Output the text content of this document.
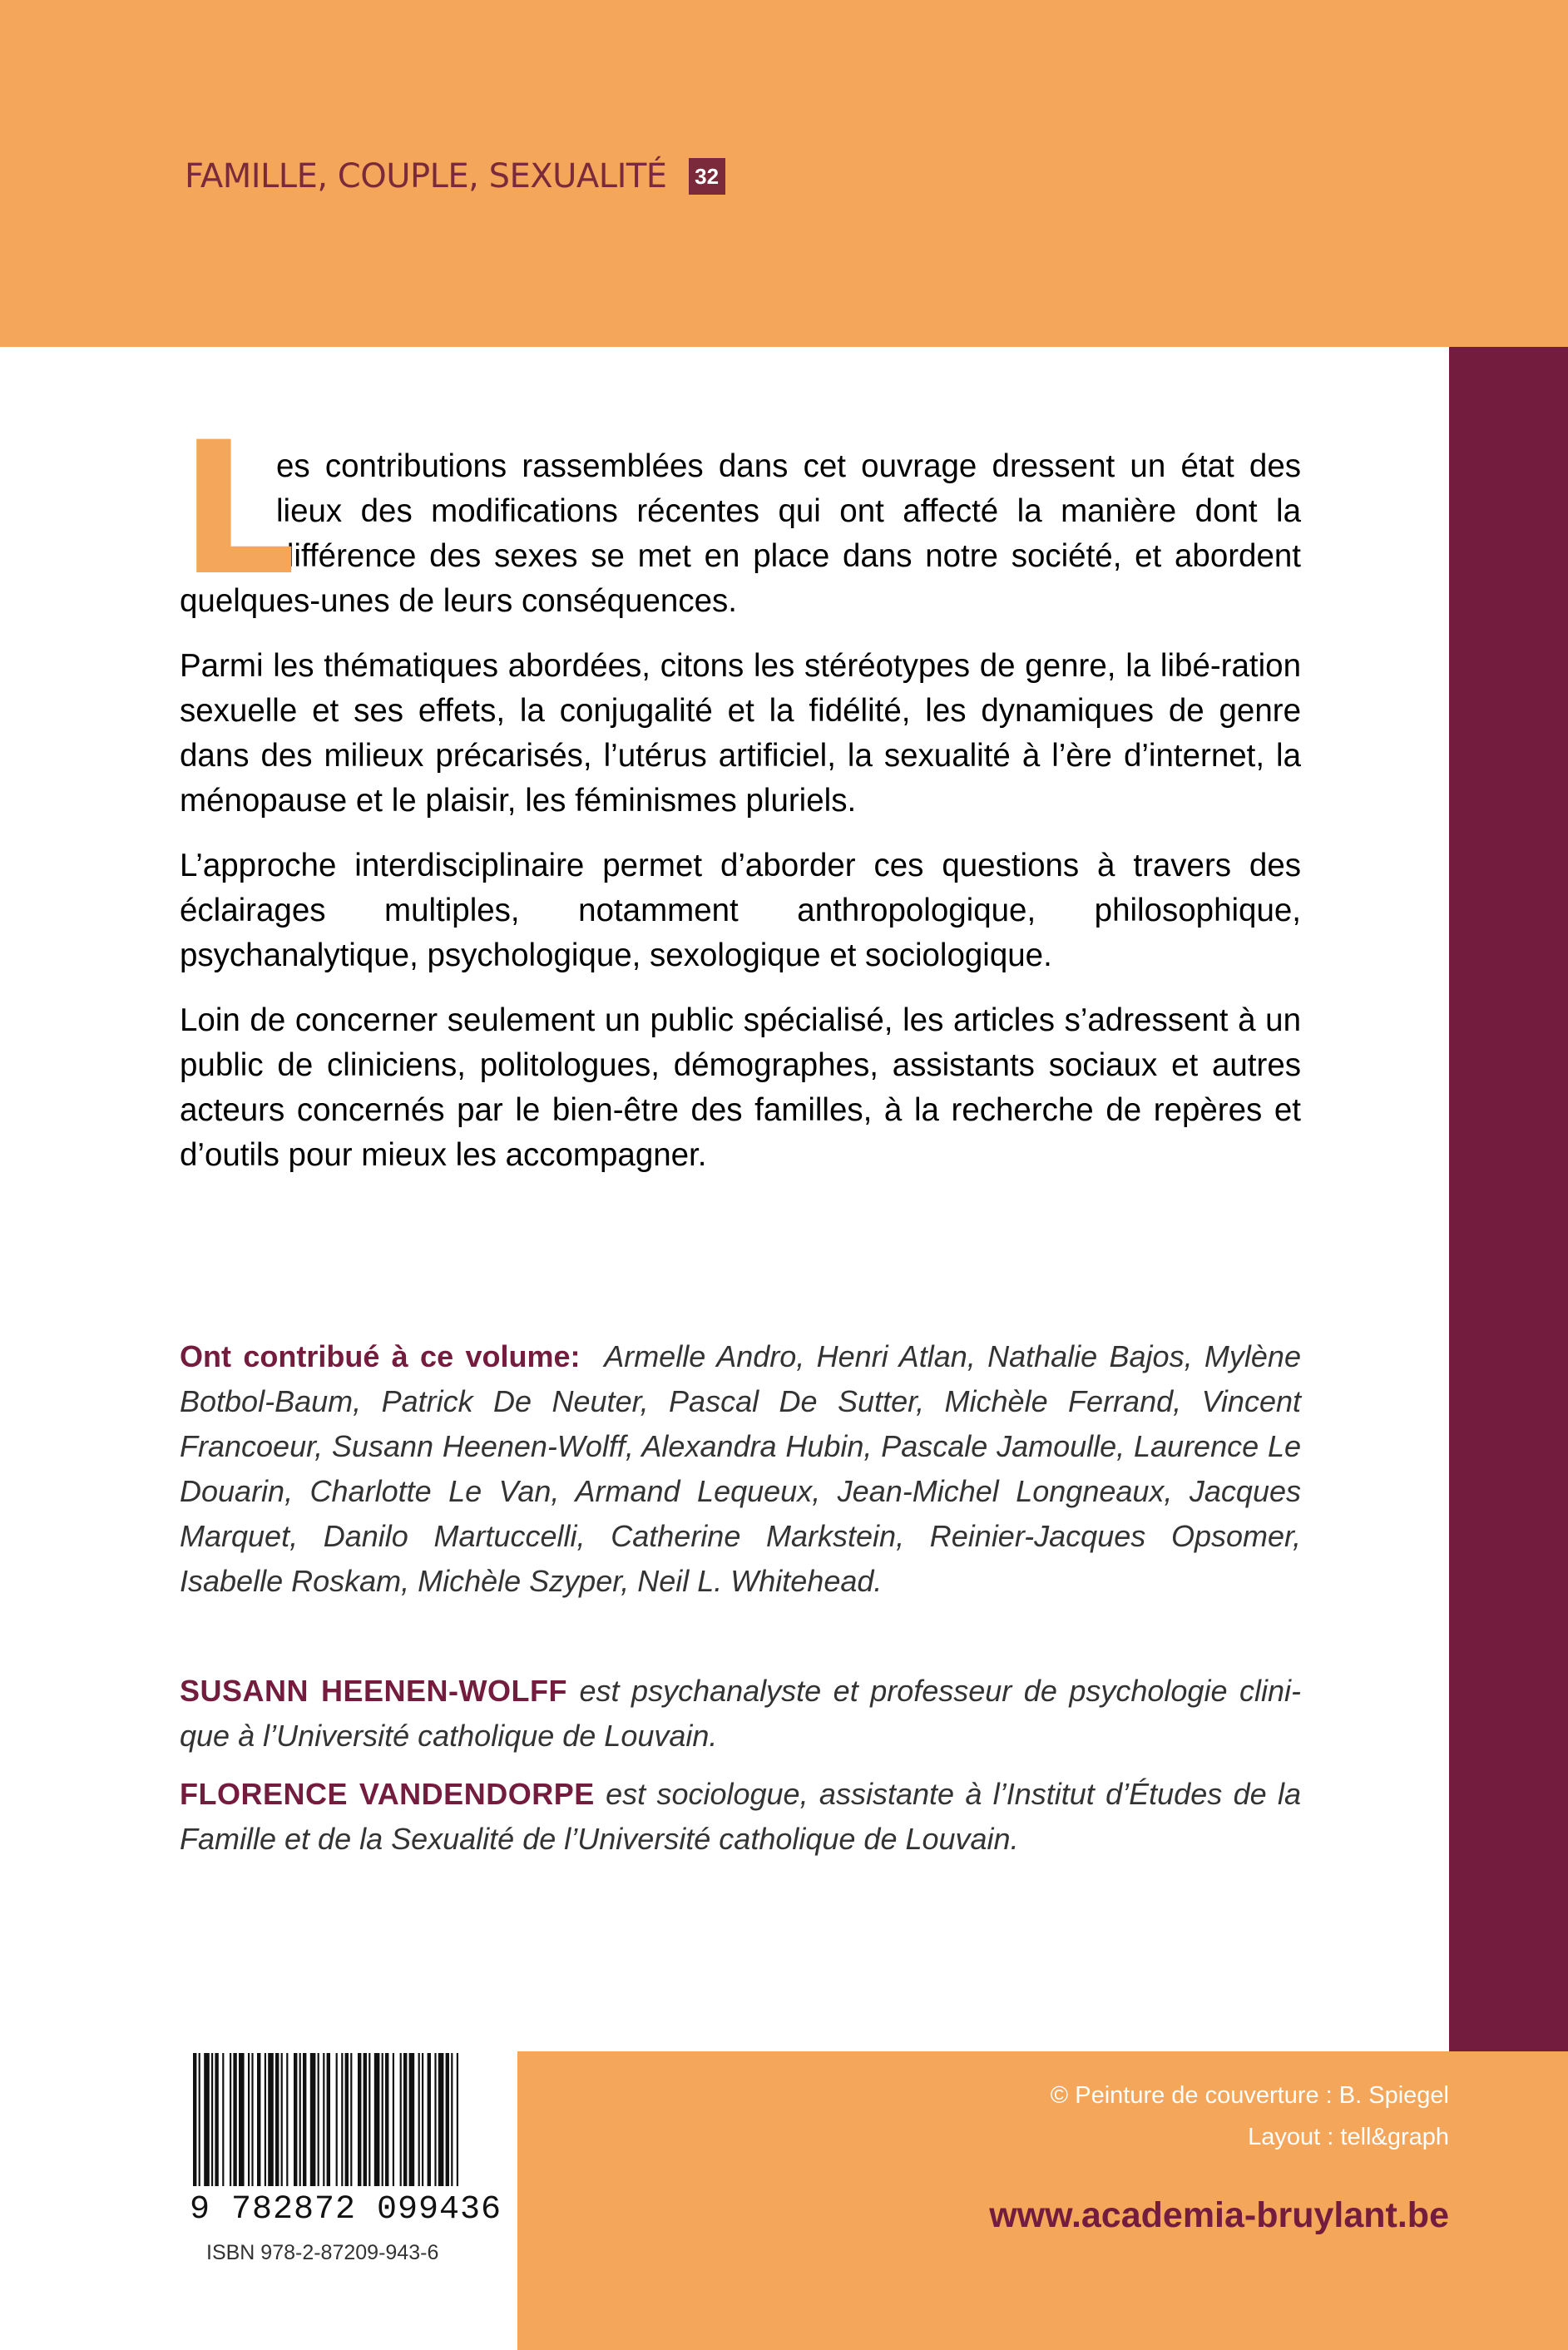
FAMILLE, COUPLE, SEXUALITÉ 32

L
es contributions rassemblées dans cet ouvrage dressent un état des lieux des modifications récentes qui ont affecté la manière dont la différence des sexes se met en place dans notre société, et abordent quelques-unes de leurs conséquences.

Parmi les thématiques abordées, citons les stéréotypes de genre, la libé-ration sexuelle et ses effets, la conjugalité et la fidélité, les dynamiques de genre dans des milieux précarisés, l’utérus artificiel, la sexualité à l’ère d’internet, la ménopause et le plaisir, les féminismes pluriels.

L’approche interdisciplinaire permet d’aborder ces questions à travers des éclairages multiples, notamment anthropologique, philosophique, psychanalytique, psychologique, sexologique et sociologique.

Loin de concerner seulement un public spécialisé, les articles s’adressent à un public de cliniciens, politologues, démographes, assistants sociaux et autres acteurs concernés par le bien-être des familles, à la recherche de repères et d’outils pour mieux les accompagner.

Ont contribué à ce volume: Armelle Andro, Henri Atlan, Nathalie Bajos, Mylène Botbol-Baum, Patrick De Neuter, Pascal De Sutter, Michèle Ferrand, Vincent Francoeur, Susann Heenen-Wolff, Alexandra Hubin, Pascale Jamoulle, Laurence Le Douarin, Charlotte Le Van, Armand Lequeux, Jean-Michel Longneaux, Jacques Marquet, Danilo Martuccelli, Catherine Markstein, Reinier-Jacques Opsomer, Isabelle Roskam, Michèle Szyper, Neil L. Whitehead.
SUSANN HEENEN-WOLFF est psychanalyste et professeur de psychologie clini-que à l’Université catholique de Louvain.
FLORENCE VANDENDORPE est sociologue, assistante à l’Institut d’Études de la Famille et de la Sexualité de l’Université catholique de Louvain.
9 782872 099436
ISBN 978-2-87209-943-6
© Peinture de couverture : B. Spiegel
Layout : tell&graph
www.academia-bruylant.be
